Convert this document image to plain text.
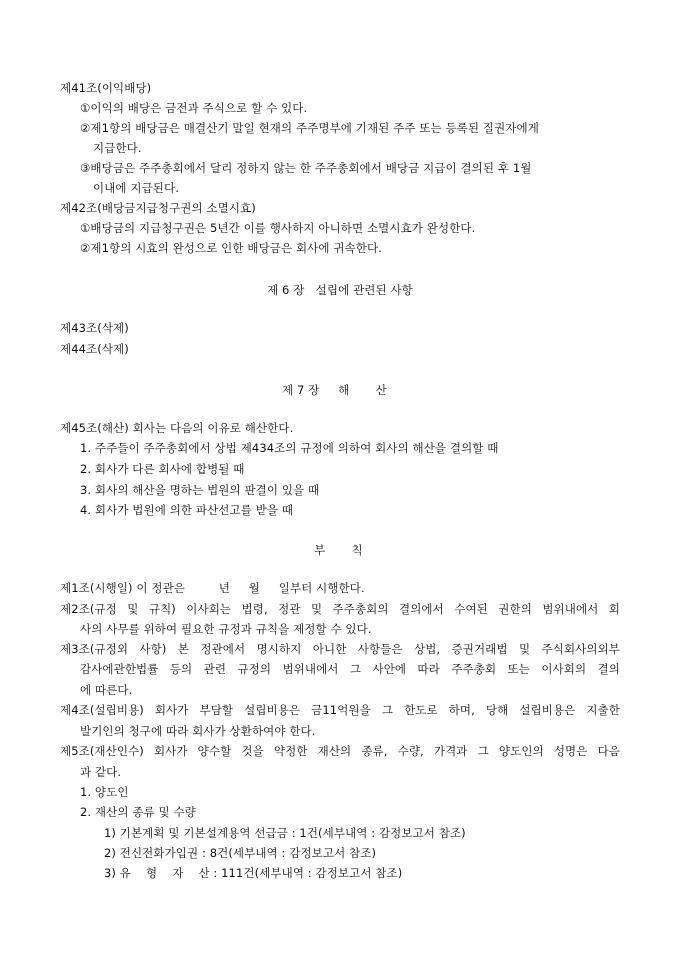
제41조(이익배당)
①이익의 배당은 금전과 주식으로 할 수 있다.
②제1항의 배당금은 매결산기 말일 현재의 주주명부에 기재된 주주 또는 등록된 질권자에게
지급한다.
③배당금은 주주총회에서 달리 정하지 않는 한 주주총회에서 배당금 지급이 결의된 후 1월
이내에 지급된다.
제42조(배당금지급청구권의 소멸시효)
①배당금의 지급청구권은 5년간 이를 행사하지 아니하면 소멸시효가 완성한다.
②제1항의 시효의 완성으로 인한 배당금은 회사에 귀속한다.
제 6 장   설립에 관련된 사항
제43조(삭제)
제44조(삭제)
제 7 장     해       산
제45조(해산) 회사는 다음의 이유로 해산한다.
1. 주주들이 주주총회에서 상법 제434조의 규정에 의하여 회사의 해산을 결의할 때
2. 회사가 다른 회사에 합병될 때
3. 회사의 해산을 명하는 법원의 판결이 있을 때
4. 회사가 법원에 의한 파산선고를 받을 때
부       칙
제1조(시행일) 이 정관은         년     월     일부터 시행한다.
제2조(규정 및 규칙) 이사회는 법령, 정관 및 주주총회의 결의에서 수여된 권한의 범위내에서 회
사의 사무를 위하여 필요한 규정과 규칙을 제정할 수 있다.
제3조(규정외 사항) 본 정관에서 명시하지 아니한 사항들은 상법, 증권거래법 및 주식회사의외부
감사에관한법률 등의 관련 규정의 범위내에서 그 사안에 따라 주주총회 또는 이사회의 결의
에 따른다.
제4조(설립비용) 회사가 부담할 설립비용은 금11억원을 그 한도로 하며, 당해 설립비용은 지출한
발기인의 청구에 따라 회사가 상환하여야 한다.
제5조(재산인수) 회사가 양수할 것을 약정한 재산의 종류, 수량, 가격과 그 양도인의 성명은 다음
과 같다.
1. 양도인
2. 재산의 종류 및 수량
1) 기본계획 및 기본설계용역 선급금 : 1건(세부내역 : 감정보고서 참조)
2) 전신전화가입권 : 8건(세부내역 : 감정보고서 참조)
3) 유    형    자    산 : 111건(세부내역 : 감정보고서 참조)
